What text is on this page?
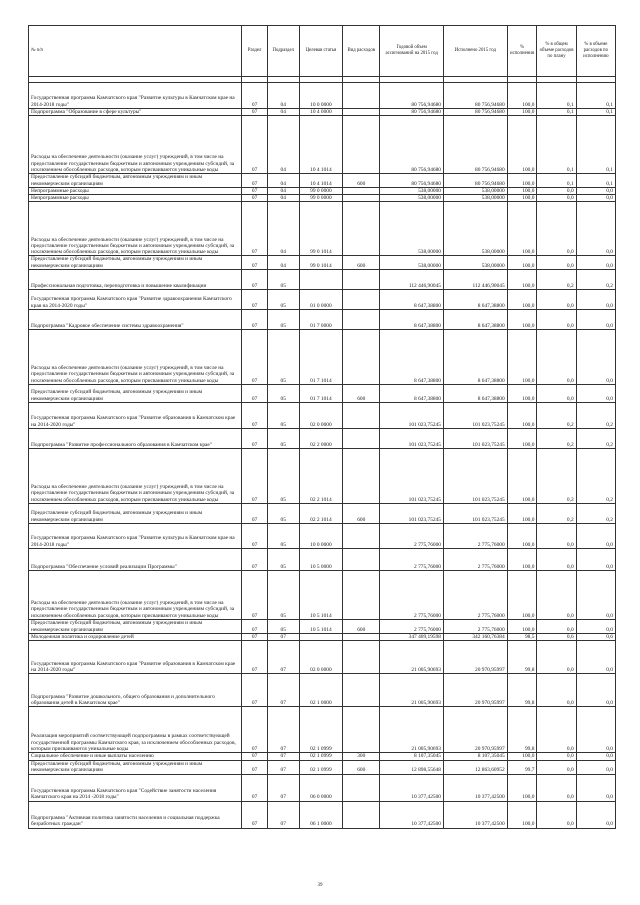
№ п/п	Раздел	Подраздел	Целевая статья	Вид расходов	Годовой объем ассигнований на 2015 год	Исполнено 2015 год	% исполнения	% в общем объеме расходов по плану	% в объеме расходов по исполнению

Государственная программа Камчатского края "Развитие культуры в Камчатском крае на 2014-2018 годы"	07	04	10 0 0000		80 756,94680	80 756,94680	100,0	0,1	0,1
Подпрограмма "Образование в сфере культуры"	07	04	10 4 0000		80 756,94680	80 756,94680	100,0	0,1	0,1
Расходы на обеспечение деятельности (оказание услуг) учреждений, в том числе на предоставление государственным бюджетным и автономным учреждениям субсидий, за исключением обособленных расходов, которым присваиваются уникальные коды	07	04	10 4 1014		80 756,94680	80 756,94680	100,0	0,1	0,1
Предоставление субсидий бюджетным, автономным учреждениям и иным некоммерческим организациям	07	04	10 4 1014	600	80 756,94680	80 756,94680	100,0	0,1	0,1
Непрограммные расходы	07	04	99 0 0000		538,00000	538,00000	100,0	0,0	0,0
Непрограммные расходы	07	04	99 0 0000		538,00000	538,00000	100,0	0,0	0,0
Расходы на обеспечение деятельности (оказание услуг) учреждений, в том числе на предоставление государственным бюджетным и автономным учреждениям субсидий, за исключением обособленных расходов, которым присваиваются уникальные коды	07	04	99 0 1014		538,00000	538,00000	100,0	0,0	0,0
Предоставление субсидий бюджетным, автономным учреждениям и иным некоммерческим организациям	07	04	99 0 1014	600	538,00000	538,00000	100,0	0,0	0,0
Профессиональная подготовка, переподготовка и повышение квалификации	07	05			112 446,90045	112 446,90045	100,0	0,2	0,2
Государственная программа Камчатского края "Развитие здравоохранения Камчатского края на 2014-2020 годы"	07	05	01 0 0000		8 647,38800	8 647,38800	100,0	0,0	0,0
Подпрограмма "Кадровое обеспечение системы здравоохранения"	07	05	01 7 0000		8 647,38800	8 647,38800	100,0	0,0	0,0
Расходы на обеспечение деятельности (оказание услуг) учреждений, в том числе на предоставление государственным бюджетным и автономным учреждениям субсидий, за исключением обособленных расходов, которым присваиваются уникальные коды	07	05	01 7 1014		8 647,38800	8 647,38800	100,0	0,0	0,0
Предоставление субсидий бюджетным, автономным учреждениям и иным некоммерческим организациям	07	05	01 7 1014	600	8 647,38800	8 647,38800	100,0	0,0	0,0
Государственная программа Камчатского края "Развитие образования в Камчатском крае на 2014-2020 годы"	07	05	02 0 0000		101 023,75245	101 023,75245	100,0	0,2	0,2
Подпрограмма "Развитие профессионального образования в Камчатском крае"	07	05	02 2 0000		101 023,75245	101 023,75245	100,0	0,2	0,2
Расходы на обеспечение деятельности (оказание услуг) учреждений, в том числе на предоставление государственным бюджетным и автономным учреждениям субсидий, за исключением обособленных расходов, которым присваиваются уникальные коды	07	05	02 2 1014		101 023,75245	101 023,75245	100,0	0,2	0,2
Предоставление субсидий бюджетным, автономным учреждениям и иным некоммерческим организациям	07	05	02 2 1014	600	101 023,75245	101 023,75245	100,0	0,2	0,2
Государственная программа Камчатского края "Развитие культуры в Камчатском крае на 2014-2018 годы"	07	05	10 0 0000		2 775,76000	2 775,76000	100,0	0,0	0,0
Подпрограмма "Обеспечение условий реализации Программы"	07	05	10 5 0000		2 775,76000	2 775,76000	100,0	0,0	0,0
Расходы на обеспечение деятельности (оказание услуг) учреждений, в том числе на предоставление государственным бюджетным и автономным учреждениям субсидий, за исключением обособленных расходов, которым присваиваются уникальные коды	07	05	10 5 1014		2 775,76000	2 775,76000	100,0	0,0	0,0
Предоставление субсидий бюджетным, автономным учреждениям и иным некоммерческим организациям	07	05	10 5 1014	600	2 775,76000	2 775,76000	100,0	0,0	0,0
Молодежная политика и оздоровление детей	07	07			347 409,19598	342 160,76384	98,5	0,6	0,6
Государственная программа Камчатского края "Развитие образования в Камчатском крае на 2014-2020 годы"	07	07	02 0 0000		21 005,90693	20 970,95997	99,8	0,0	0,0
Подпрограмма "Развитие дошкольного, общего образования и дополнительного образования детей в Камчатском крае"	07	07	02 1 0000		21 005,90693	20 970,95997	99,8	0,0	0,0
Реализация мероприятий соответствующей подпрограммы в рамках соответствующей государственной программы Камчатского края, за исключением обособленных расходов, которым присваиваются уникальные коды	07	07	02 1 0999		21 005,90693	20 970,95997	99,8	0,0	0,0
Социальное обеспечение и иные выплаты населению	07	07	02 1 0999	300	8 107,35045	8 107,35045	100,0	0,0	0,0
Предоставление субсидий бюджетным, автономным учреждениям и иным некоммерческим организациям	07	07	02 1 0999	600	12 898,55648	12 863,60952	99,7	0,0	0,0
Государственная программа Камчатского края "Содействие занятости населения Камчатского края на 2014 -2018 годы"	07	07	06 0 0000		10 377,42500	10 377,42500	100,0	0,0	0,0
Подпрограмма "Активная политика занятости населения и социальная поддержка безработных граждан"	07	07	06 1 0000		10 377,42500	10 377,42500	100,0	0,0	0,0
39
